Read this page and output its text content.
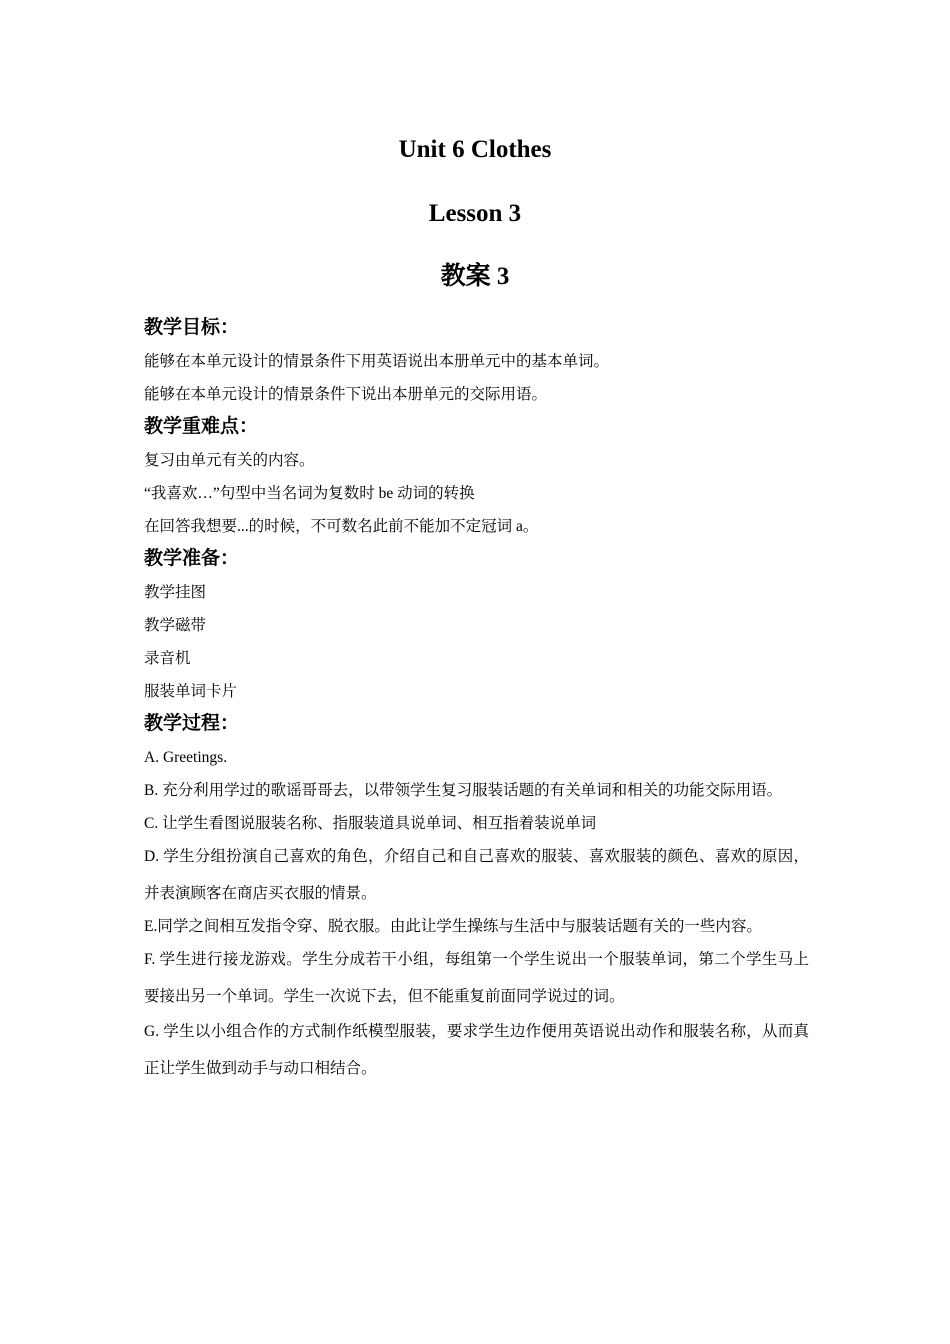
Unit 6 Clothes
Lesson 3
教案 3
教学目标：
能够在本单元设计的情景条件下用英语说出本册单元中的基本单词。
能够在本单元设计的情景条件下说出本册单元的交际用语。
教学重难点：
复习由单元有关的内容。
“我喜欢…”句型中当名词为复数时 be 动词的转换
在回答我想要...的时候，不可数名此前不能加不定冠词 a。
教学准备：
教学挂图
教学磁带
录音机
服装单词卡片
教学过程：
A. Greetings.
B. 充分利用学过的歌谣哥哥去，以带领学生复习服装话题的有关单词和相关的功能交际用语。
C. 让学生看图说服装名称、指服装道具说单词、相互指着装说单词
D. 学生分组扮演自己喜欢的角色，介绍自己和自己喜欢的服装、喜欢服装的颜色、喜欢的原因，并表演顾客在商店买衣服的情景。
E.同学之间相互发指令穿、脱衣服。由此让学生操练与生活中与服装话题有关的一些内容。
F. 学生进行接龙游戏。学生分成若干小组，每组第一个学生说出一个服装单词，第二个学生马上要接出另一个单词。学生一次说下去，但不能重复前面同学说过的词。
G. 学生以小组合作的方式制作纸模型服装，要求学生边作便用英语说出动作和服装名称，从而真正让学生做到动手与动口相结合。
